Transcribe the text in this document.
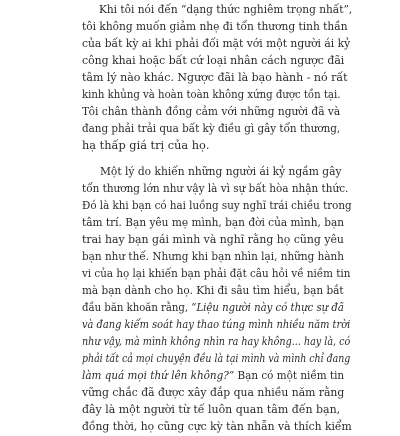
Khi tôi nói đến “dạng thức nghiêm trọng nhất”,
tôi không muốn giảm nhẹ đi tổn thương tinh thần
của bất kỳ ai khi phải đối mặt với một người ái kỷ
công khai hoặc bất cứ loại nhân cách ngược đãi
tâm lý nào khác. Ngược đãi là bạo hành - nó rất
kinh khủng và hoàn toàn không xứng được tồn tại.
Tôi chân thành đồng cảm với những người đã và
đang phải trải qua bất kỳ điều gì gây tổn thương,
hạ thấp giá trị của họ.
Một lý do khiến những người ái kỷ ngầm gây
tổn thương lớn như vậy là vì sự bất hòa nhận thức.
Đó là khi bạn có hai luồng suy nghĩ trái chiều trong
tâm trí. Bạn yêu mẹ mình, bạn đời của mình, bạn
trai hay bạn gái mình và nghĩ rằng họ cũng yêu
bạn như thế. Nhưng khi bạn nhìn lại, những hành
vi của họ lại khiến bạn phải đặt câu hỏi về niềm tin
mà bạn dành cho họ. Khi đi sâu tìm hiểu, bạn bắt
đầu băn khoăn rằng, “Liệu người này có thực sự đã
và đang kiểm soát hay thao túng mình nhiều năm trời
như vậy, mà mình không nhìn ra hay không... hay là, có
phải tất cả mọi chuyện đều là tại mình và mình chỉ đang
làm quá mọi thứ lên không?” Bạn có một niềm tin
vững chắc đã được xây đắp qua nhiều năm rằng
đây là một người từ tế luôn quan tâm đến bạn,
đồng thời, họ cũng cực kỳ tàn nhẫn và thích kiểm
